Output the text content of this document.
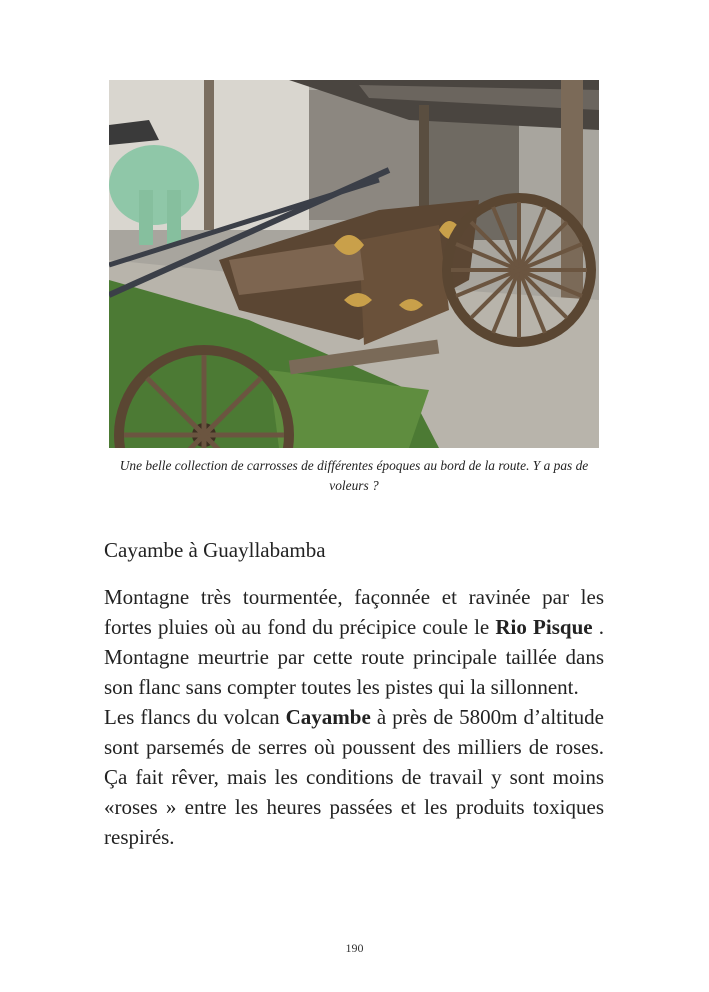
Une belle collection de carrosses de différentes époques au bord de la route. Y a pas de voleurs ?
Cayambe à Guayllabamba

Montagne très tourmentée, façonnée et ravinée par les fortes pluies où au fond du précipice coule le Rio Pisque . Montagne meurtrie par cette route principale taillée dans son flanc sans compter toutes les pistes qui la sillonnent.

Les flancs du volcan Cayambe à près de 5800m d’altitude sont parsemés de serres où poussent des milliers de roses. Ça fait rêver, mais les conditions de travail y sont moins «roses » entre les heures passées et les produits toxiques respirés.

190
